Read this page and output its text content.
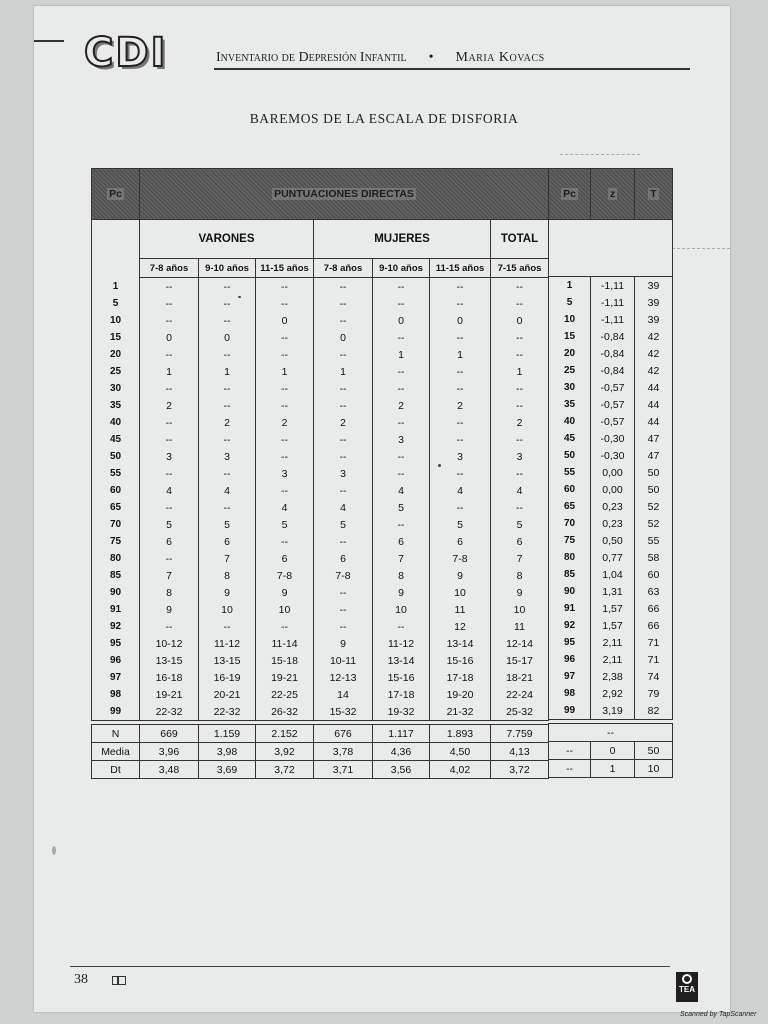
CDI	Inventario de Depresión Infantil • Maria Kovacs
BAREMOS DE LA ESCALA DE DISFORIA
Pc	PUNTUACIONES DIRECTAS						
	VARONES			MUJERES			TOTAL
	7-8 años	9-10 años	11-15 años	7-8 años	9-10 años	11-15 años	7-15 años
1	--	--	--	--	--	--	--
5	--	--	--	--	--	--	--
10	--	--	0	--	0	0	0
15	0	0	--	0	--	--	--
20	--	--	--	--	1	1	--
25	1	1	1	1	--	--	1
30	--	--	--	--	--	--	--
35	2	--	--	--	2	2	--
40	--	2	2	2	--	--	2
45	--	--	--	--	3	--	--
50	3	3	--	--	--	3	3
55	--	--	3	3	--	--	--
60	4	4	--	--	4	4	4
65	--	--	4	4	5	--	--
70	5	5	5	5	--	5	5
75	6	6	--	--	6	6	6
80	--	7	6	6	7	7-8	7
85	7	8	7-8	7-8	8	9	8
90	8	9	9	--	9	10	9
91	9	10	10	--	10	11	10
92	--	--	--	--	--	12	11
95	10-12	11-12	11-14	9	11-12	13-14	12-14
96	13-15	13-15	15-18	10-11	13-14	15-16	15-17
97	16-18	16-19	19-21	12-13	15-16	17-18	18-21
98	19-21	20-21	22-25	14	17-18	19-20	22-24
99	22-32	22-32	26-32	15-32	19-32	21-32	25-32

N	669	1.159	2.152	676	1.117	1.893	7.759
Media	3,96	3,98	3,92	3,78	4,36	4,50	4,13
Dt	3,48	3,69	3,72	3,71	3,56	4,02	3,72
Pc	z	T

1	-1,11	39
5	-1,11	39
10	-1,11	39
15	-0,84	42
20	-0,84	42
25	-0,84	42
30	-0,57	44
35	-0,57	44
40	-0,57	44
45	-0,30	47
50	-0,30	47
55	0,00	50
60	0,00	50
65	0,23	52
70	0,23	52
75	0,50	55
80	0,77	58
85	1,04	60
90	1,31	63
91	1,57	66
92	1,57	66
95	2,11	71
96	2,11	71
97	2,38	74
98	2,92	79
99	3,19	82

--		
--	0	50
--	1	10
38
TEA
Scanned by TapScanner
